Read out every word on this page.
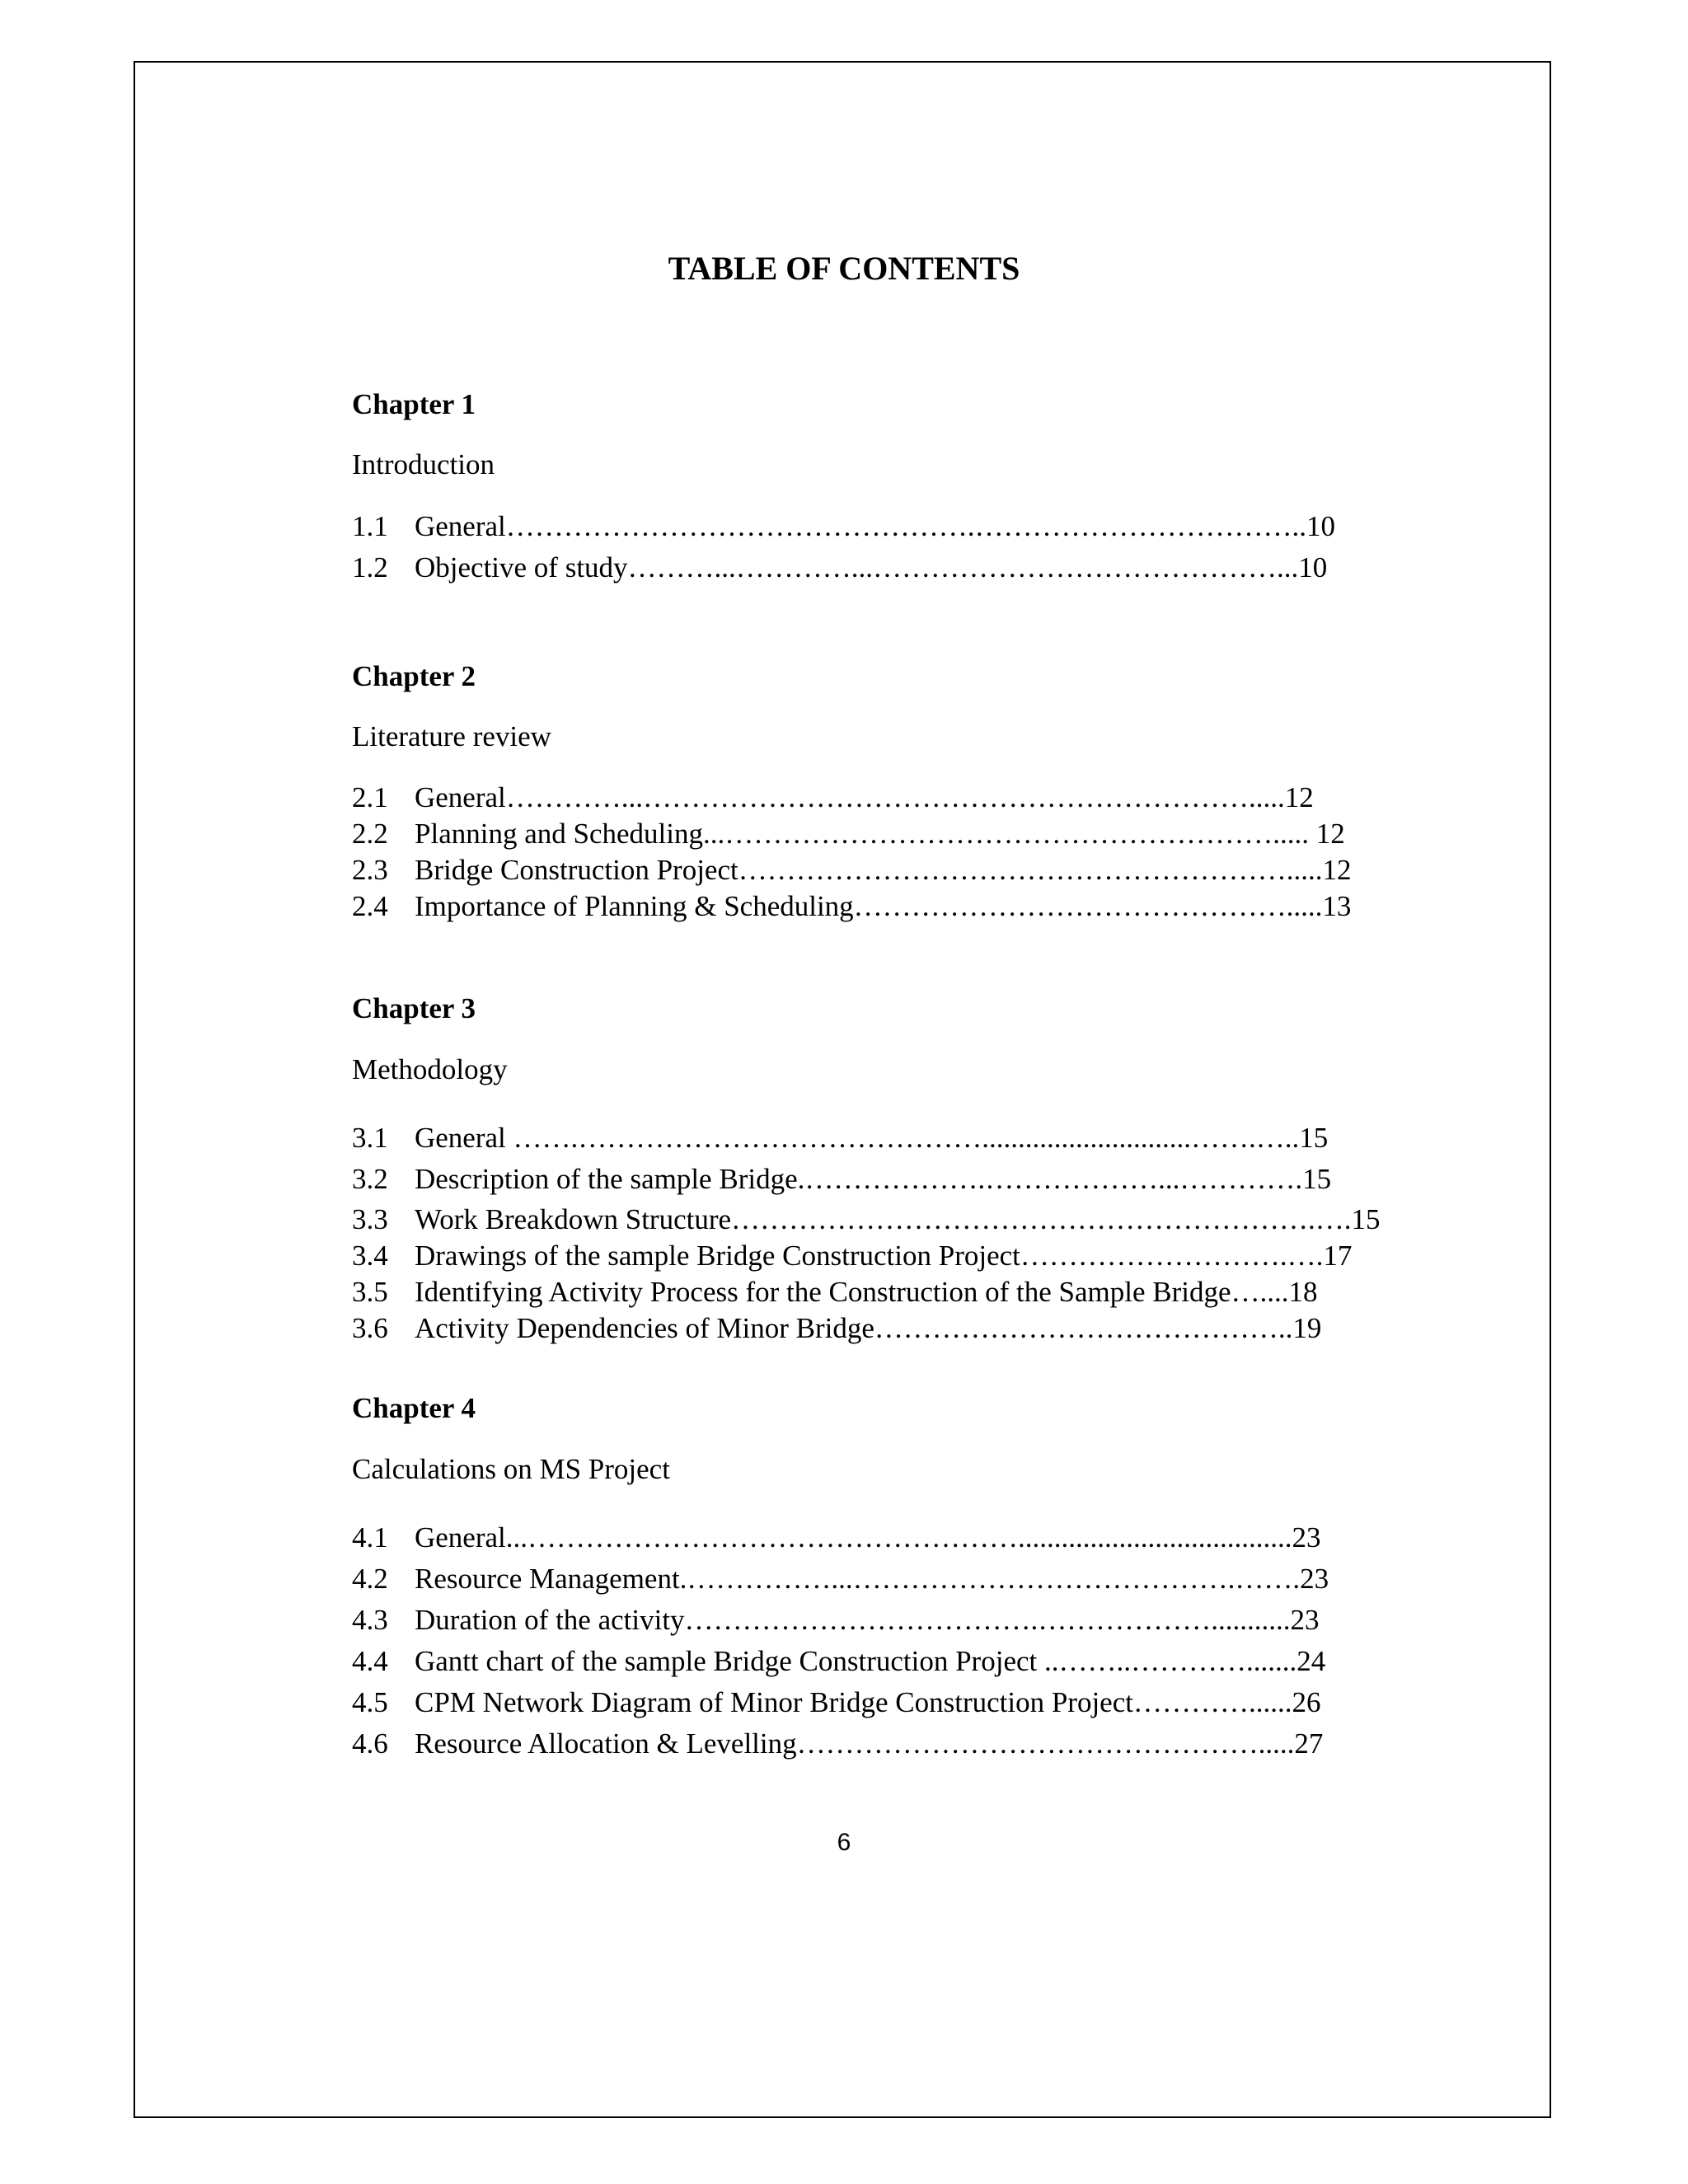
TABLE OF CONTENTS
Chapter 1
Introduction
1.1 General………………………………………….……………………………..10
1.2 Objective of study………...…………...……………………………………...10
Chapter 2
Literature review
2.1 General…………...……………………………………………………….....12
2.2 Planning and Scheduling...…………………………………………………..... 12
2.3 Bridge Construction Project………………………………………………….....12
2.4 Importance of Planning & Scheduling……………………………………….....13
Chapter 3
Methodology
3.1 General …….…………………………………….............................…….…..15
3.2 Description of the sample Bridge.……………….………………...………….15
3.3 Work Breakdown Structure…………………………………………………….….15
3.4 Drawings of the sample Bridge Construction Project……………………….….17
3.5 Identifying Activity Process for the Construction of the Sample Bridge…....18
3.6 Activity Dependencies of Minor Bridge……………………………………..19
Chapter 4
Calculations on MS Project
4.1 General...……………………………………………......................................23
4.2 Resource Management.……………...………………………………….…….23
4.3 Duration of the activity……………………………….………………...........23
4.4 Gantt chart of the sample Bridge Construction Project ..……..………….......24
4.5 CPM Network Diagram of Minor Bridge Construction Project…………......26
4.6 Resource Allocation & Levelling………………………………………….....27
6
